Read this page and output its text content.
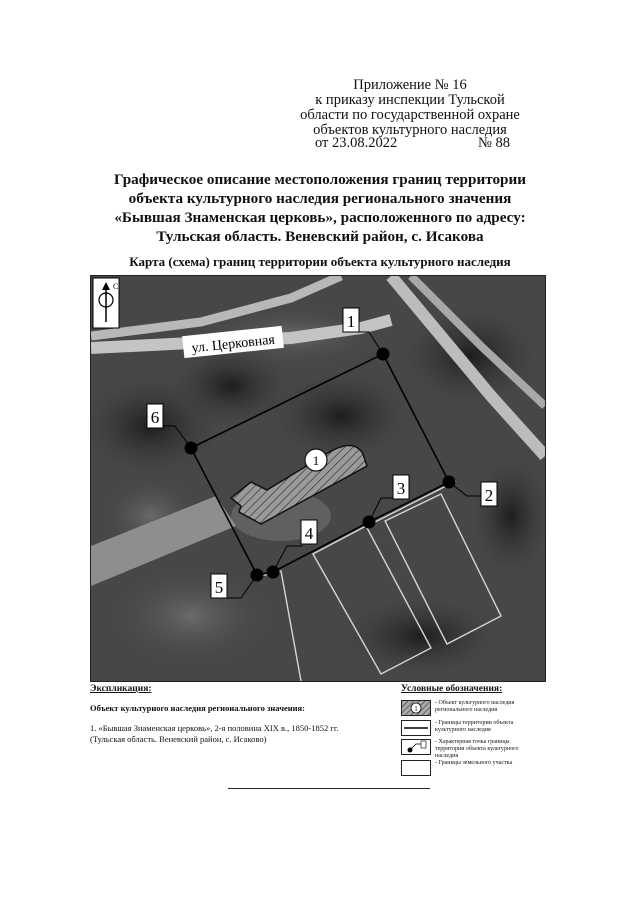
Приложение № 16
к приказу инспекции Тульской
области по государственной охране
объектов культурного наследия
от 23.08.2022	№ 88
Графическое описание местоположения границ территории
объекта культурного наследия регионального значения
«Бывшая Знаменская церковь», расположенного по адресу:
Тульская область. Веневский район, с. Исакова
Карта (схема) границ территории объекта культурного наследия
1
1
2
3
4
5
6
ул. Церковная
С
Экспликация:
Объект культурного наследия регионального значения:
1. «Бывшая Знаменская церковь», 2-я половина XIX в., 1850-1852 гг.
(Тульская область. Веневский район, с. Исаково)
Условные обозначения:
1
- Объект культурного наследия
регионального наследия
- Границы территории объекта
культурного наследия
- Характерная точка границы
территории объекта культурного
наследия
- Границы земельного участка
